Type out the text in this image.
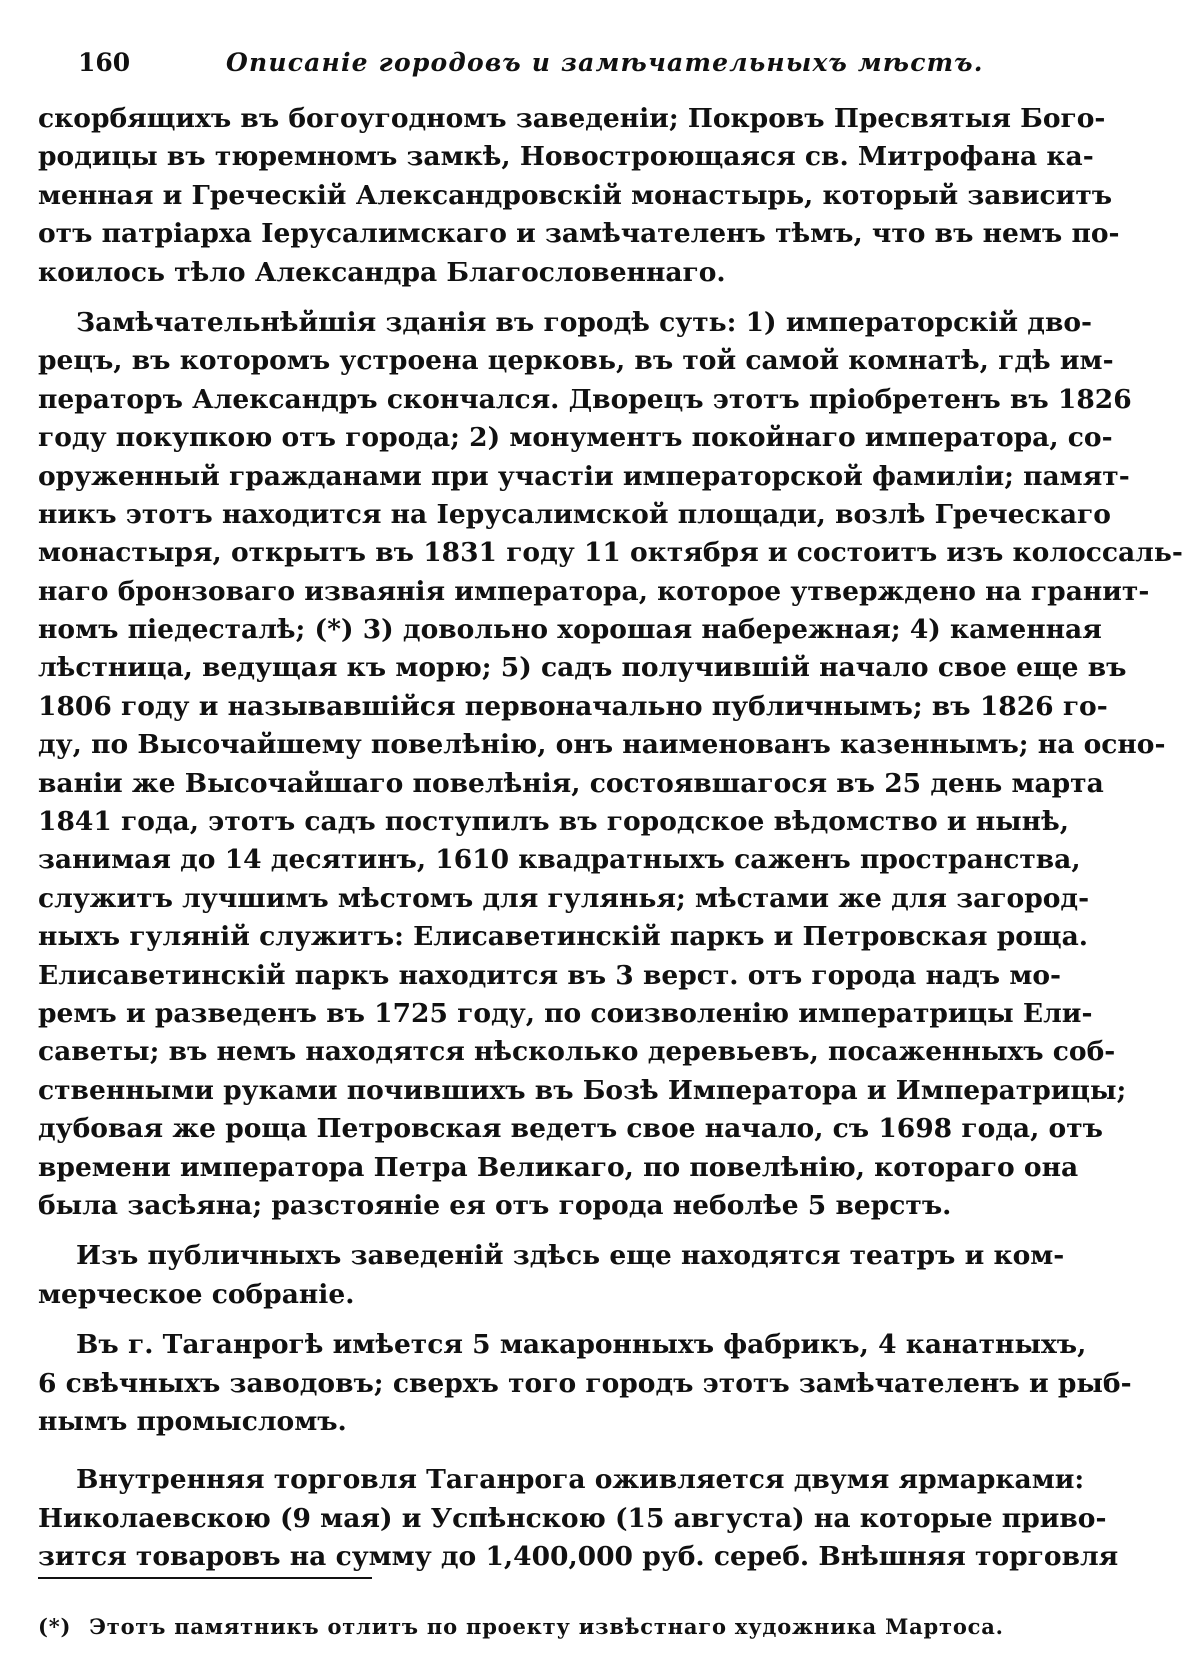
160	Описаніе городовъ и замѣчательныхъ мѣстъ.
скорбящихъ въ богоугодномъ заведеніи; Покровъ Пресвятыя Бого-
родицы въ тюремномъ замкѣ, Новостроющаяся св. Митрофана ка-
менная и Греческій Александровскій монастырь, который зависитъ
отъ патріарха Іерусалимскаго и замѣчателенъ тѣмъ, что въ немъ по-
коилось тѣло Александра Благословеннаго.
Замѣчательнѣйшія зданія въ городѣ суть: 1) императорскій дво-
рецъ, въ которомъ устроена церковь, въ той самой комнатѣ, гдѣ им-
ператоръ Александръ скончался. Дворецъ этотъ пріобретенъ въ 1826
году покупкою отъ города; 2) монументъ покойнаго императора, со-
оруженный гражданами при участіи императорской фамиліи; памят-
никъ этотъ находится на Іерусалимской площади, возлѣ Греческаго
монастыря, открытъ въ 1831 году 11 октября и состоитъ изъ колоссаль-
наго бронзоваго изваянія императора, которое утверждено на гранит-
номъ піедесталѣ; (*) 3) довольно хорошая набережная; 4) каменная
лѣстница, ведущая къ морю; 5) садъ получившій начало свое еще въ
1806 году и называвшійся первоначально публичнымъ; въ 1826 го-
ду, по Высочайшему повелѣнію, онъ наименованъ казеннымъ; на осно-
ваніи же Высочайшаго повелѣнія, состоявшагося въ 25 день марта
1841 года, этотъ садъ поступилъ въ городское вѣдомство и нынѣ,
занимая до 14 десятинъ, 1610 квадратныхъ саженъ пространства,
служитъ лучшимъ мѣстомъ для гулянья; мѣстами же для загород-
ныхъ гуляній служитъ: Елисаветинскій паркъ и Петровская роща.
Елисаветинскій паркъ находится въ 3 верст. отъ города надъ мо-
ремъ и разведенъ въ 1725 году, по соизволенію императрицы Ели-
саветы; въ немъ находятся нѣсколько деревьевъ, посаженныхъ соб-
ственными руками почившихъ въ Бозѣ Императора и Императрицы;
дубовая же роща Петровская ведетъ свое начало, съ 1698 года, отъ
времени императора Петра Великаго, по повелѣнію, котораго она
была засѣяна; разстояніе ея отъ города неболѣе 5 верстъ.
Изъ публичныхъ заведеній здѣсь еще находятся театръ и ком-
мерческое собраніе.
Въ г. Таганрогѣ имѣется 5 макаронныхъ фабрикъ, 4 канатныхъ,
6 свѣчныхъ заводовъ; сверхъ того городъ этотъ замѣчателенъ и рыб-
нымъ промысломъ.
Внутренняя торговля Таганрога оживляется двумя ярмарками:
Николаевскою (9 мая) и Успѣнскою (15 августа) на которые приво-
зится товаровъ на сумму до 1,400,000 руб. сереб. Внѣшняя торговля
(*) Этотъ памятникъ отлитъ по проекту извѣстнаго художника Мартоса.
